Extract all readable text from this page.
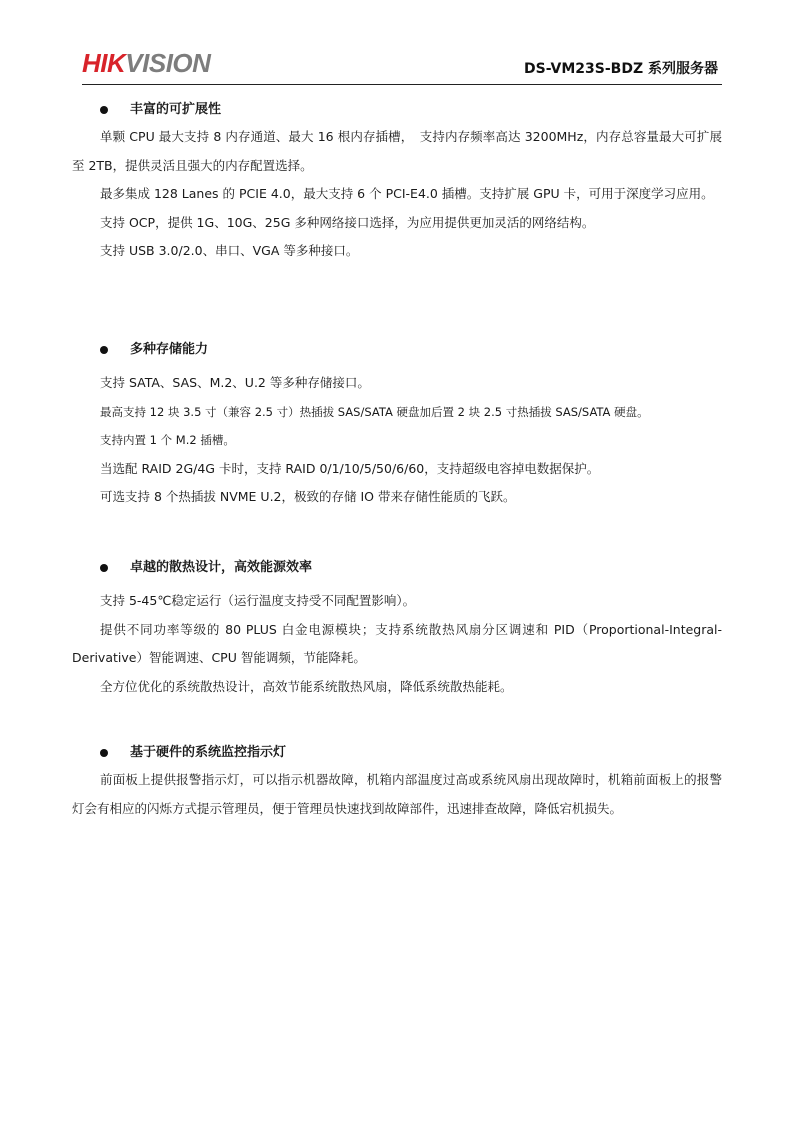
HIKVISION	DS-VM23S-BDZ 系列服务器
丰富的可扩展性

单颗 CPU 最大支持 8 内存通道、最大 16 根内存插槽，　支持内存频率高达 3200MHz，内存总容量最大可扩展至 2TB，提供灵活且强大的内存配置选择。

最多集成 128 Lanes 的 PCIE 4.0，最大支持 6 个 PCI-E4.0 插槽。支持扩展 GPU 卡，可用于深度学习应用。

支持 OCP，提供 1G、10G、25G 多种网络接口选择，为应用提供更加灵活的网络结构。

支持 USB 3.0/2.0、串口、VGA 等多种接口。

多种存储能力

支持 SATA、SAS、M.2、U.2 等多种存储接口。

最高支持 12 块 3.5 寸（兼容 2.5 寸）热插拔 SAS/SATA 硬盘加后置 2 块 2.5 寸热插拔 SAS/SATA 硬盘。

支持内置 1 个 M.2 插槽。

当选配 RAID 2G/4G 卡时，支持 RAID 0/1/10/5/50/6/60，支持超级电容掉电数据保护。

可选支持 8 个热插拔 NVME U.2，极致的存储 IO 带来存储性能质的飞跃。

卓越的散热设计，高效能源效率

支持 5-45℃稳定运行（运行温度支持受不同配置影响）。

提供不同功率等级的 80 PLUS 白金电源模块；支持系统散热风扇分区调速和 PID（Proportional-Integral-Derivative）智能调速、CPU 智能调频，节能降耗。

全方位优化的系统散热设计，高效节能系统散热风扇，降低系统散热能耗。

基于硬件的系统监控指示灯

前面板上提供报警指示灯，可以指示机器故障，机箱内部温度过高或系统风扇出现故障时，机箱前面板上的报警灯会有相应的闪烁方式提示管理员，便于管理员快速找到故障部件，迅速排查故障，降低宕机损失。
